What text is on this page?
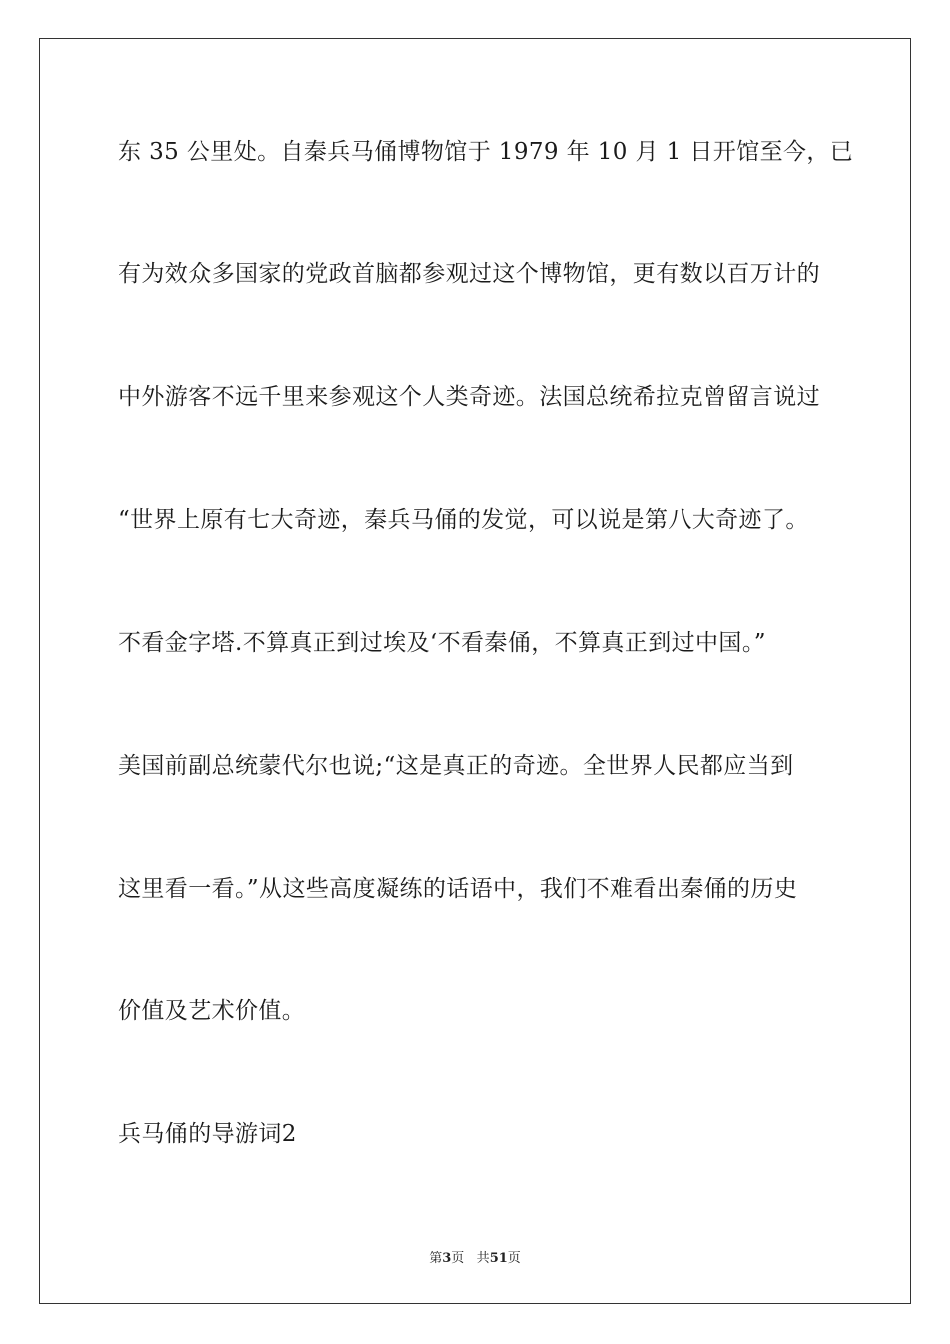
东 35 公里处。自秦兵马俑博物馆于 1979 年 10 月 1 日开馆至今，已
有为效众多国家的党政首脑都参观过这个博物馆，更有数以百万计的
中外游客不远千里来参观这个人类奇迹。法国总统希拉克曾留言说过
“世界上原有七大奇迹，秦兵马俑的发觉，可以说是第八大奇迹了。
不看金字塔.不算真正到过埃及‘不看秦俑，不算真正到过中国。”
美国前副总统蒙代尔也说;“这是真正的奇迹。全世界人民都应当到
这里看一看。”从这些高度凝练的话语中，我们不难看出秦俑的历史
价值及艺术价值。
兵马俑的导游词2
第3页 共51页
